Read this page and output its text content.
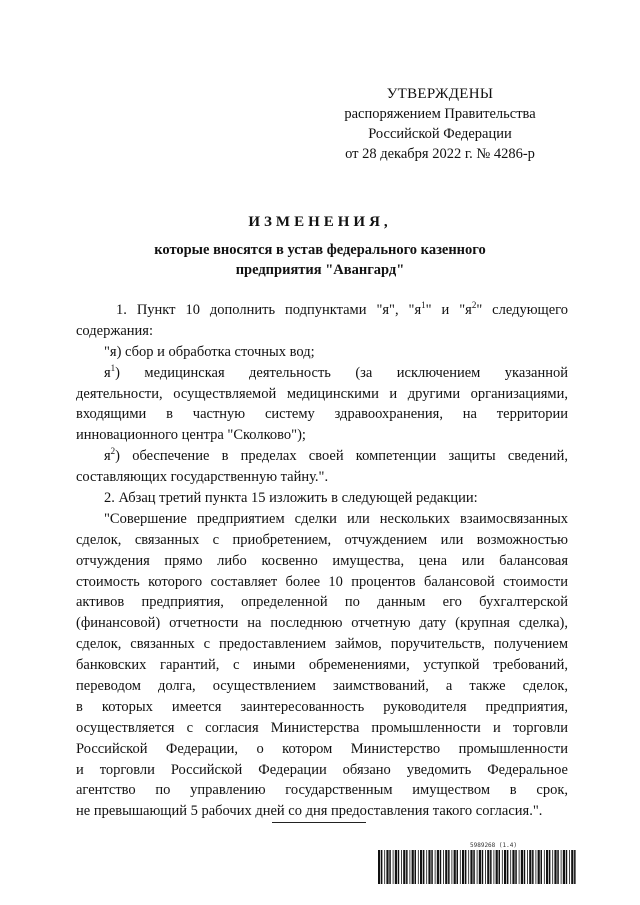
УТВЕРЖДЕНЫ
распоряжением Правительства
Российской Федерации
от 28 декабря 2022 г. № 4286-р
ИЗМЕНЕНИЯ,
которые вносятся в устав федерального казенного
предприятия "Авангард"
1. Пункт 10 дополнить подпунктами "я", "$я^1$" и "$я^2$" следующего
содержания:
"я) сбор и обработка сточных вод;
$я^1$) медицинская деятельность (за исключением указанной
деятельности, осуществляемой медицинскими и другими организациями,
входящими в частную систему здравоохранения, на территории
инновационного центра "Сколково");
$я^2$) обеспечение в пределах своей компетенции защиты сведений,
составляющих государственную тайну.".
2. Абзац третий пункта 15 изложить в следующей редакции:
"Совершение предприятием сделки или нескольких взаимосвязанных
сделок, связанных с приобретением, отчуждением или возможностью
отчуждения прямо либо косвенно имущества, цена или балансовая
стоимость которого составляет более 10 процентов балансовой стоимости
активов предприятия, определенной по данным его бухгалтерской
(финансовой) отчетности на последнюю отчетную дату (крупная сделка),
сделок, связанных с предоставлением займов, поручительств, получением
банковских гарантий, с иными обременениями, уступкой требований,
переводом долга, осуществлением заимствований, а также сделок,
в которых имеется заинтересованность руководителя предприятия,
осуществляется с согласия Министерства промышленности и торговли
Российской Федерации, о котором Министерство промышленности
и торговли Российской Федерации обязано уведомить Федеральное
агентство по управлению государственным имуществом в срок,
не превышающий 5 рабочих дней со дня предоставления такого согласия.".
5989268 (1.4)
